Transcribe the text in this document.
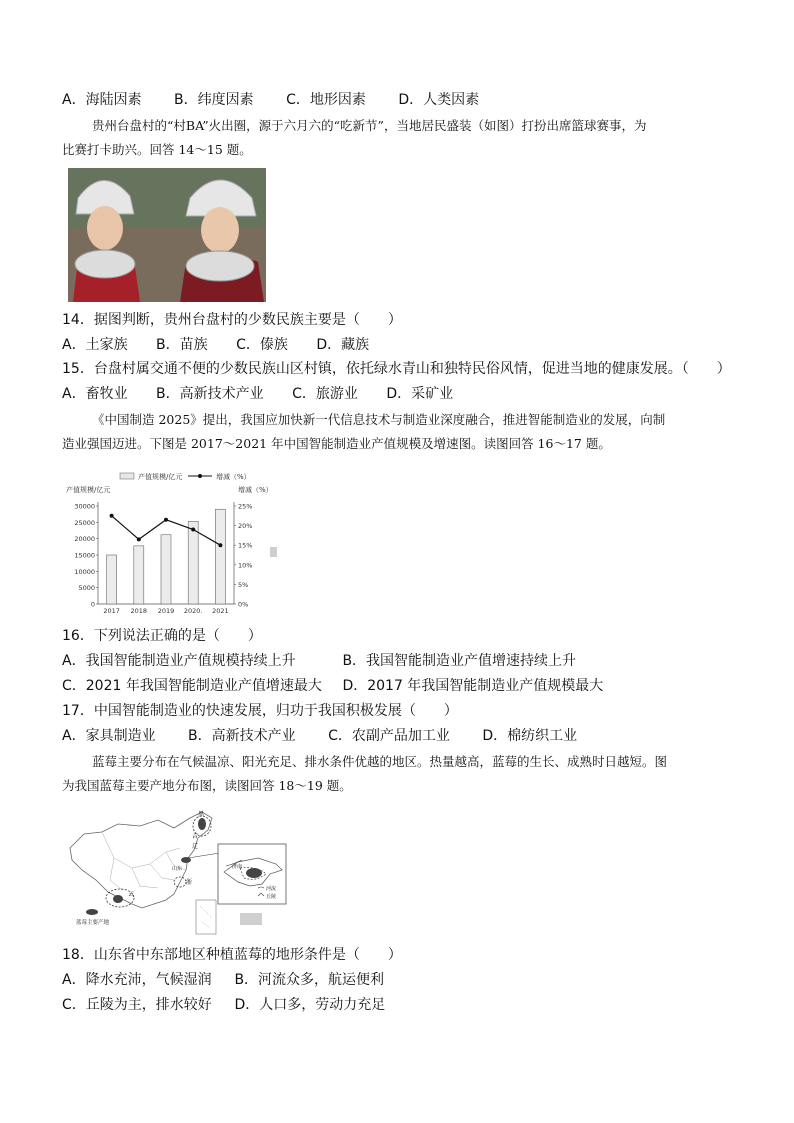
A．海陆因素 B．纬度因素 C．地形因素 D．人类因素
贵州台盘村的“村BA”火出圈，源于六月六的“吃新节”，当地居民盛装（如图）打扮出席篮球赛事，为
比赛打卡助兴。回答 14～15 题。
14．据图判断，贵州台盘村的少数民族主要是（　　）
A．土家族 B．苗族 C．傣族 D．藏族
15．台盘村属交通不便的少数民族山区村镇，依托绿水青山和独特民俗风情，促进当地的健康发展。（　　）
A．畜牧业 B．高新技术产业 C．旅游业 D．采矿业
《中国制造 2025》提出，我国应加快新一代信息技术与制造业深度融合，推进智能制造业的发展，向制
造业强国迈进。下图是 2017～2021 年中国智能制造业产值规模及增速图。读图回答 16～17 题。
产值规模/亿元	增减（%）
产值规模/亿元	增减（%）
30000
25000
20000
15000
10000
5000
0
25%
20%
15%
10%
5%
0%
2017 2018 2019 2020. 2021
16．下列说法正确的是（　　）
A．我国智能制造业产值规模持续上升	B．我国智能制造业产值增速持续上升
C．2021 年我国智能制造业产值增速最大 D．2017 年我国智能制造业产值规模最大
17．中国智能制造业的快速发展，归功于我国积极发展（　　）
A．家具制造业 B．高新技术产业 C．农副产品加工业 D．棉纺织工业
蓝莓主要分布在气候温凉、阳光充足、排水条件优越的地区。热量越高，蓝莓的生长、成熟时日越短。图
为我国蓝莓主要产地分布图，读图回答 18～19 题。
黑
吉
辽
山东
浙
云
蓝莓主要产地
济南
河流
丘陵
18．山东省中东部地区种植蓝莓的地形条件是（　　）
A．降水充沛，气候湿润 B．河流众多，航运便利
C．丘陵为主，排水较好 D．人口多，劳动力充足
